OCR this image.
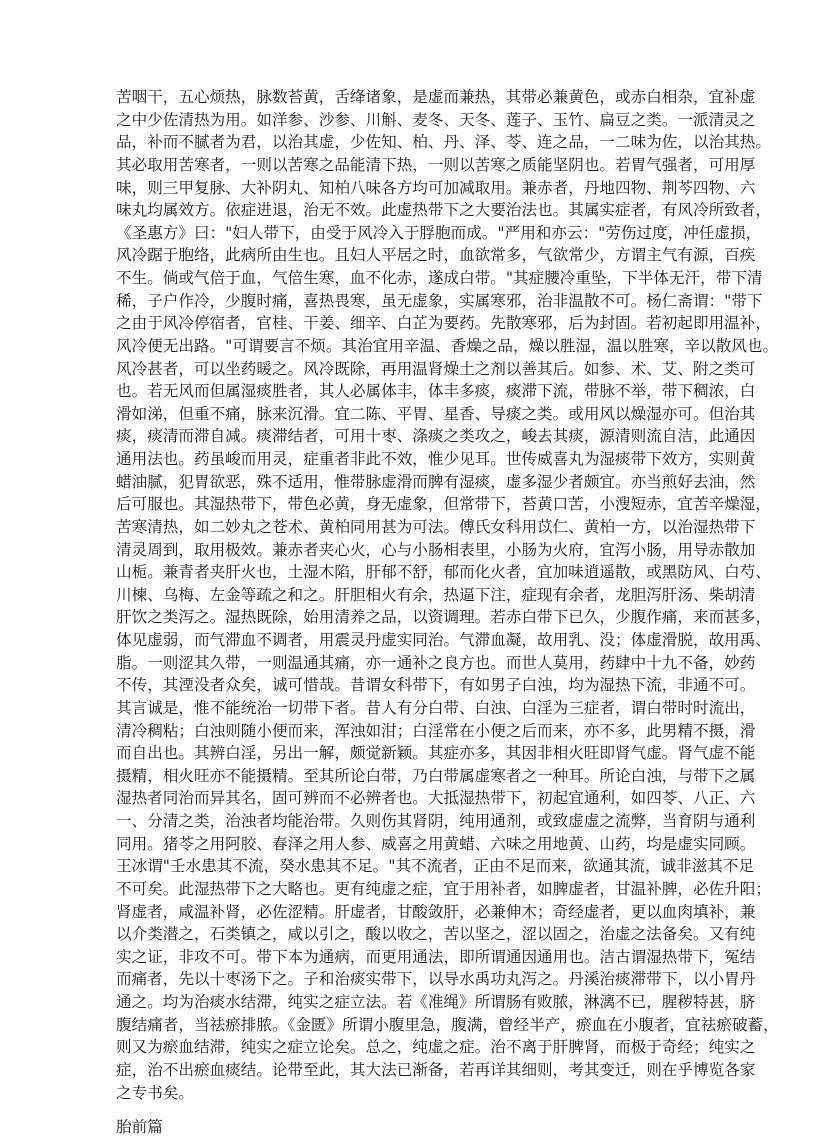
苦咽干，五心烦热，脉数苔黄，舌绛诸象，是虚而兼热，其带必兼黄色，或赤白相杂，宜补虚
之中少佐清热为用。如洋参、沙参、川斛、麦冬、天冬、莲子、玉竹、扁豆之类。一派清灵之
品，补而不腻者为君，以治其虚，少佐知、柏、丹、泽、苓、连之品，一二味为佐，以治其热。
其必取用苦寒者，一则以苦寒之品能清下热，一则以苦寒之质能坚阴也。若胃气强者，可用厚
味，则三甲复脉、大补阴丸、知柏八味各方均可加减取用。兼赤者，丹地四物、荆芩四物、六
味丸均属效方。依症进退，治无不效。此虚热带下之大要治法也。其属实症者，有风冷所致者，
《圣惠方》曰："妇人带下，由受于风冷入于脬胞而成。"严用和亦云："劳伤过度，冲任虚损，
风冷踞于胞络，此病所由生也。且妇人平居之时，血欲常多，气欲常少，方谓主气有源，百疾
不生。倘或气倍于血，气倍生寒，血不化赤，遂成白带。"其症腰冷重坠，下半体无汗，带下清
稀，子户作冷，少腹时痛，喜热畏寒，虽无虚象，实属寒邪，治非温散不可。杨仁斋谓："带下
之由于风冷停宿者，官桂、干姜、细辛、白芷为要药。先散寒邪，后为封固。若初起即用温补，
风冷便无出路。"可谓要言不烦。其治宜用辛温、香燥之品，燥以胜湿，温以胜寒，辛以散风也。
风冷甚者，可以坐药暖之。风冷既除，再用温肾燥土之剂以善其后。如参、术、艾、附之类可
也。若无风而但属湿痰胜者，其人必属体丰，体丰多痰，痰滞下流，带脉不举，带下稠浓，白
滑如涕，但重不痛，脉来沉滑。宜二陈、平胃、星香、导痰之类。或用风以燥湿亦可。但治其
痰，痰清而滞自减。痰滞结者，可用十枣、涤痰之类攻之，峻去其痰，源清则流自洁，此通因
通用法也。药虽峻而用灵，症重者非此不效，惟少见耳。世传威喜丸为湿痰带下效方，实则黄
蜡油腻，犯胃欲恶，殊不适用，惟带脉虚滑而脾有湿痰，虚多湿少者颇宜。亦当煎好去油，然
后可服也。其湿热带下，带色必黄，身无虚象，但常带下，苔黄口苦，小溲短赤，宜苦辛燥湿，
苦寒清热，如二妙丸之苍术、黄柏同用甚为可法。傅氏女科用苡仁、黄柏一方，以治湿热带下
清灵周到，取用极效。兼赤者夹心火，心与小肠相表里，小肠为火府，宜泻小肠，用导赤散加
山栀。兼青者夹肝火也，土湿木陷，肝郁不舒，郁而化火者，宜加味逍遥散，或黑防风、白芍、
川楝、乌梅、左金等疏之和之。肝胆相火有余，热逼下注，症现有余者，龙胆泻肝汤、柴胡清
肝饮之类泻之。湿热既除，始用清养之品，以资调理。若赤白带下已久，少腹作痛，来而甚多，
体见虚弱，而气滞血不调者，用震灵丹虚实同治。气滞血凝，故用乳、没；体虚滑脱，故用禹、
脂。一则涩其久带，一则温通其痛，亦一通补之良方也。而世人莫用，药肆中十九不备，妙药
不传，其湮没者众矣，诚可惜哉。昔谓女科带下，有如男子白浊，均为湿热下流，非通不可。
其言诚是，惟不能统治一切带下者。昔人有分白带、白浊、白淫为三症者，谓白带时时流出，
清冷稠粘；白浊则随小便而来，浑浊如泔；白淫常在小便之后而来，亦不多，此男精不摄，滑
而自出也。其辨白淫，另出一解，颇觉新颖。其症亦多，其因非相火旺即肾气虚。肾气虚不能
摄精，相火旺亦不能摄精。至其所论白带，乃白带属虚寒者之一种耳。所论白浊，与带下之属
湿热者同治而异其名，固可辨而不必辨者也。大抵湿热带下，初起宜通利，如四苓、八正、六
一、分清之类，治浊者均能治带。久则伤其肾阴，纯用通剂，或致虚虚之流弊，当育阴与通利
同用。猪苓之用阿胶、春泽之用人参、威喜之用黄蜡、六味之用地黄、山药，均是虚实同顾。
王冰谓"壬水患其不流，癸水患其不足。"其不流者，正由不足而来，欲通其流，诚非滋其不足
不可矣。此湿热带下之大略也。更有纯虚之症，宜于用补者，如脾虚者，甘温补脾，必佐升阳；
肾虚者，咸温补肾，必佐涩精。肝虚者，甘酸敛肝，必兼伸木；奇经虚者，更以血肉填补，兼
以介类潜之，石类镇之，咸以引之，酸以收之，苦以坚之，涩以固之，治虚之法备矣。又有纯
实之证，非攻不可。带下本为通病，而更用通法，即所谓通因通用也。洁古谓湿热带下，冤结
而痛者，先以十枣汤下之。子和治痰实带下，以导水禹功丸泻之。丹溪治痰滞带下，以小胃丹
通之。均为治痰水结滞，纯实之症立法。若《准绳》所谓肠有败脓，淋漓不已，腥秽特甚，脐
腹结痛者，当祛瘀排脓。《金匮》所谓小腹里急，腹满，曾经半产，瘀血在小腹者，宜祛瘀破蓄，
则又为瘀血结滞，纯实之症立论矣。总之，纯虚之症。治不离于肝脾肾，而极于奇经；纯实之
症，治不出瘀血痰结。论带至此，其大法已渐备，若再详其细则，考其变迁，则在乎博览各家
之专书矣。
胎前篇
